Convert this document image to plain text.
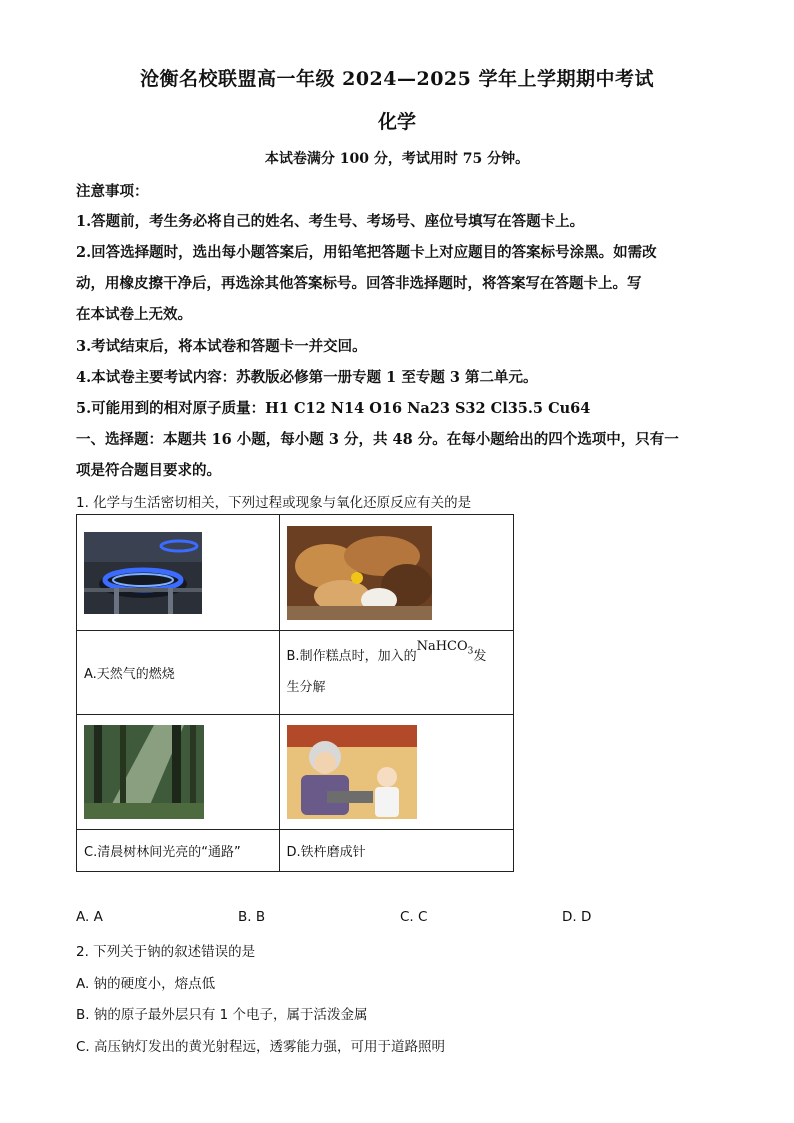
沧衡名校联盟高一年级 2024—2025 学年上学期期中考试
化学
本试卷满分 100 分，考试用时 75 分钟。
注意事项：
1.答题前，考生务必将自己的姓名、考生号、考场号、座位号填写在答题卡上。
2.回答选择题时，选出每小题答案后，用铅笔把答题卡上对应题目的答案标号涂黑。如需改
动，用橡皮擦干净后，再选涂其他答案标号。回答非选择题时，将答案写在答题卡上。写
在本试卷上无效。
3.考试结束后，将本试卷和答题卡一并交回。
4.本试卷主要考试内容：苏教版必修第一册专题 1 至专题 3 第二单元。
5.可能用到的相对原子质量：H1 C12 N14 O16 Na23 S32 Cl35.5 Cu64
一、选择题：本题共 16 小题，每小题 3 分，共 48 分。在每小题给出的四个选项中，只有一
项是符合题目要求的。
1. 化学与生活密切相关，下列过程或现象与氧化还原反应有关的是

A.天然气的燃烧	B.制作糕点时，加入的NaHCO$_3$发
生分解

C.清晨树林间光亮的“通路”	D.铁杵磨成针
A. A	B. B	C. C	D. D
2. 下列关于钠的叙述错误的是
A. 钠的硬度小，熔点低
B. 钠的原子最外层只有 1 个电子，属于活泼金属
C. 高压钠灯发出的黄光射程远，透雾能力强，可用于道路照明
